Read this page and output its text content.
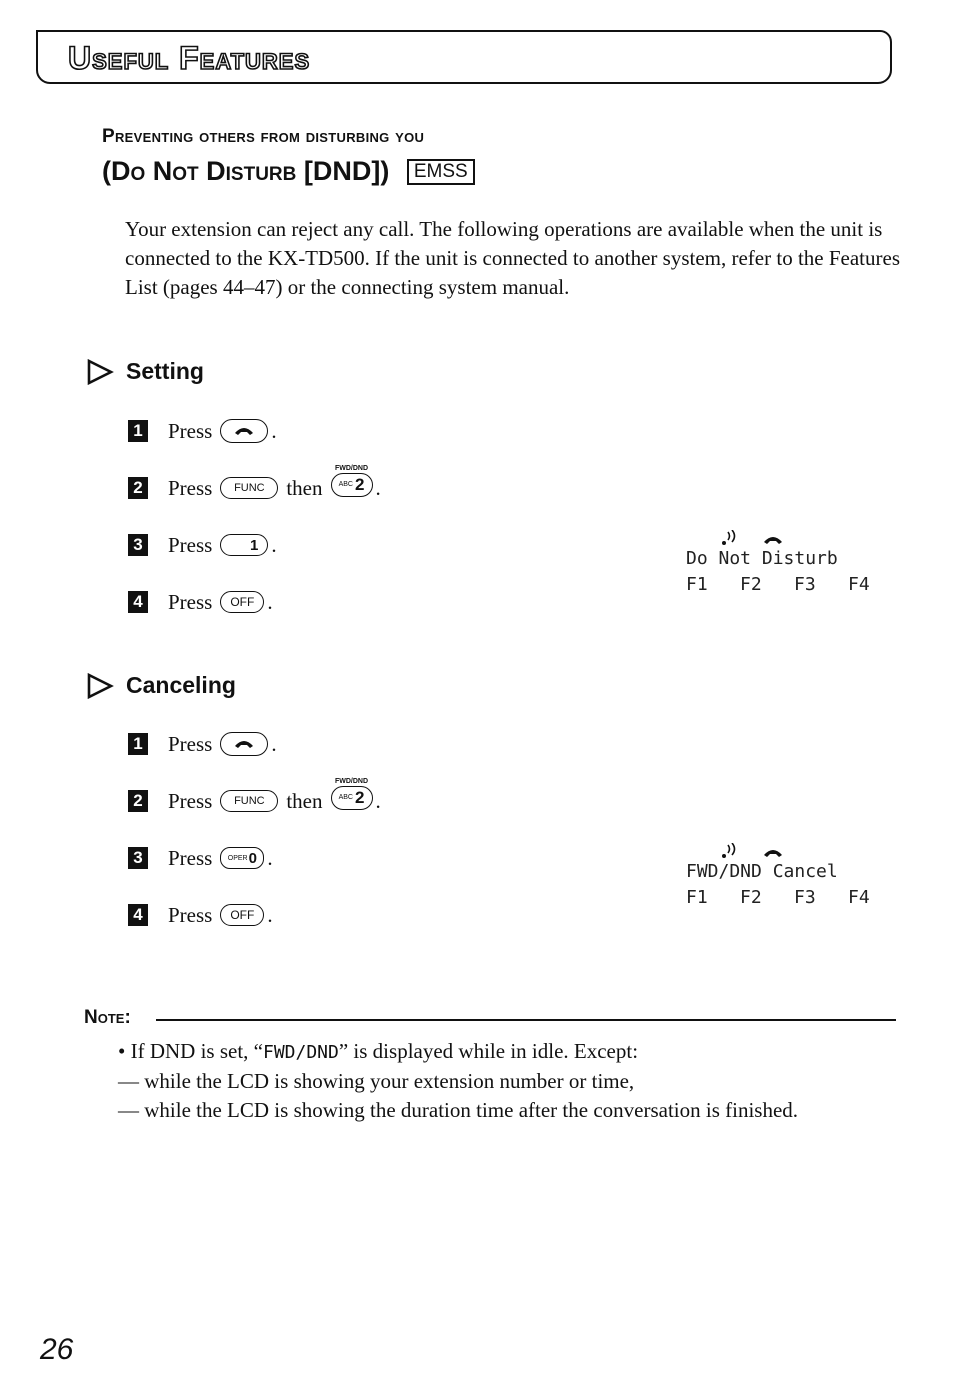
Useful Features
Preventing others from disturbing you
(Do Not Disturb [DND]) EMSS
Your extension can reject any call. The following operations are available when the unit is connected to the KX-TD500. If the unit is connected to another system, refer to the Features List (pages 44–47) or the connecting system manual.
Setting
1 Press	.
2 Press	FUNC	then
FWD/DND
ABC 2 .
3 Press	1 .
4 Press	OFF .
Do Not Disturb
F1	F2	F3	F4
Canceling
1 Press	.
2 Press	FUNC	then
FWD/DND
ABC 2 .
3 Press OPER 0 .
4 Press	OFF .
FWD/DND Cancel
F1	F2	F3	F4
Note:
• If DND is set, “FWD/DND” is displayed while in idle. Except:
— while the LCD is showing your extension number or time,
— while the LCD is showing the duration time after the conversation is finished.
26
